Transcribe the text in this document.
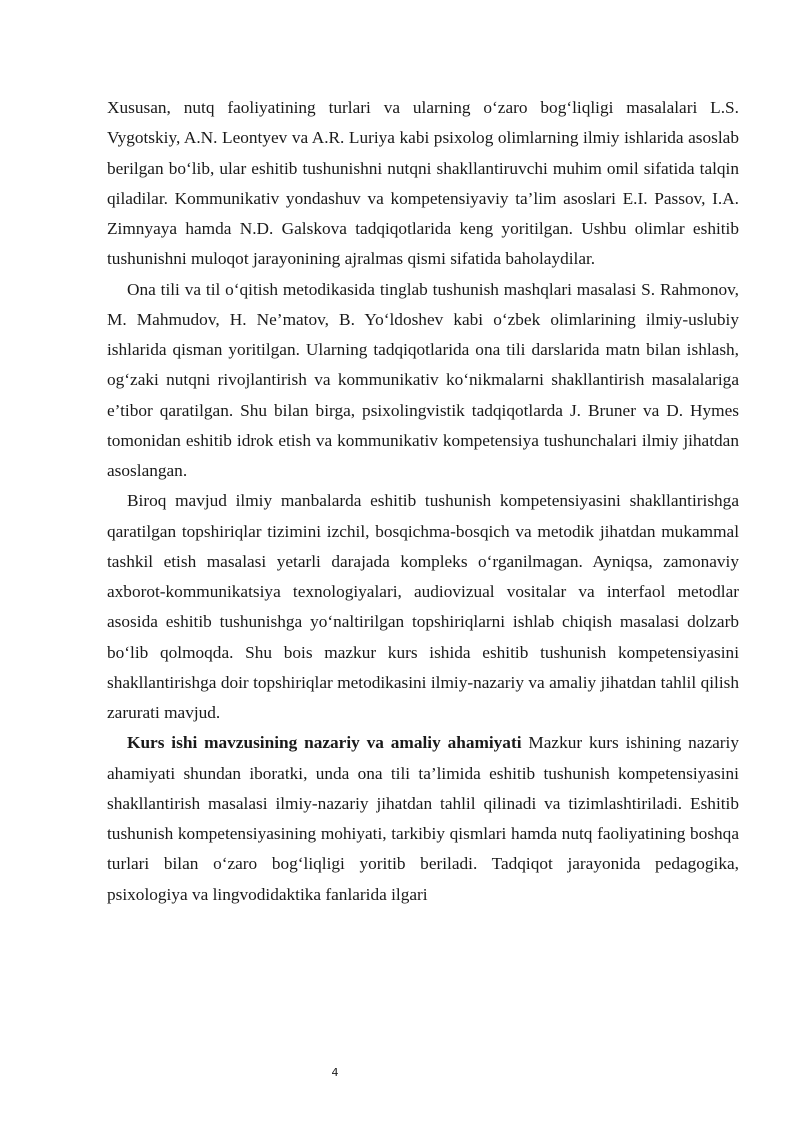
Xususan, nutq faoliyatining turlari va ularning o‘zaro bog‘liqligi masalalari L.S. Vygotskiy, A.N. Leontyev va A.R. Luriya kabi psixolog olimlarning ilmiy ishlarida asoslab berilgan bo‘lib, ular eshitib tushunishni nutqni shakllantiruvchi muhim omil sifatida talqin qiladilar. Kommunikativ yondashuv va kompetensiyaviy ta’lim asoslari E.I. Passov, I.A. Zimnyaya hamda N.D. Galskova tadqiqotlarida keng yoritilgan. Ushbu olimlar eshitib tushunishni muloqot jarayonining ajralmas qismi sifatida baholaydilar.

Ona tili va til o‘qitish metodikasida tinglab tushunish mashqlari masalasi S. Rahmonov, M. Mahmudov, H. Ne’matov, B. Yo‘ldoshev kabi o‘zbek olimlarining ilmiy-uslubiy ishlarida qisman yoritilgan. Ularning tadqiqotlarida ona tili darslarida matn bilan ishlash, og‘zaki nutqni rivojlantirish va kommunikativ ko‘nikmalarni shakllantirish masalalariga e’tibor qaratilgan. Shu bilan birga, psixolingvistik tadqiqotlarda J. Bruner va D. Hymes tomonidan eshitib idrok etish va kommunikativ kompetensiya tushunchalari ilmiy jihatdan asoslangan.

Biroq mavjud ilmiy manbalarda eshitib tushunish kompetensiyasini shakllantirishga qaratilgan topshiriqlar tizimini izchil, bosqichma-bosqich va metodik jihatdan mukammal tashkil etish masalasi yetarli darajada kompleks o‘rganilmagan. Ayniqsa, zamonaviy axborot-kommunikatsiya texnologiyalari, audiovizual vositalar va interfaol metodlar asosida eshitib tushunishga yo‘naltirilgan topshiriqlarni ishlab chiqish masalasi dolzarb bo‘lib qolmoqda. Shu bois mazkur kurs ishida eshitib tushunish kompetensiyasini shakllantirishga doir topshiriqlar metodikasini ilmiy-nazariy va amaliy jihatdan tahlil qilish zarurati mavjud.

Kurs ishi mavzusining nazariy va amaliy ahamiyati Mazkur kurs ishining nazariy ahamiyati shundan iboratki, unda ona tili ta’limida eshitib tushunish kompetensiyasini shakllantirish masalasi ilmiy-nazariy jihatdan tahlil qilinadi va tizimlashtiriladi. Eshitib tushunish kompetensiyasining mohiyati, tarkibiy qismlari hamda nutq faoliyatining boshqa turlari bilan o‘zaro bog‘liqligi yoritib beriladi. Tadqiqot jarayonida pedagogika, psixologiya va lingvodidaktika fanlarida ilgari

4
